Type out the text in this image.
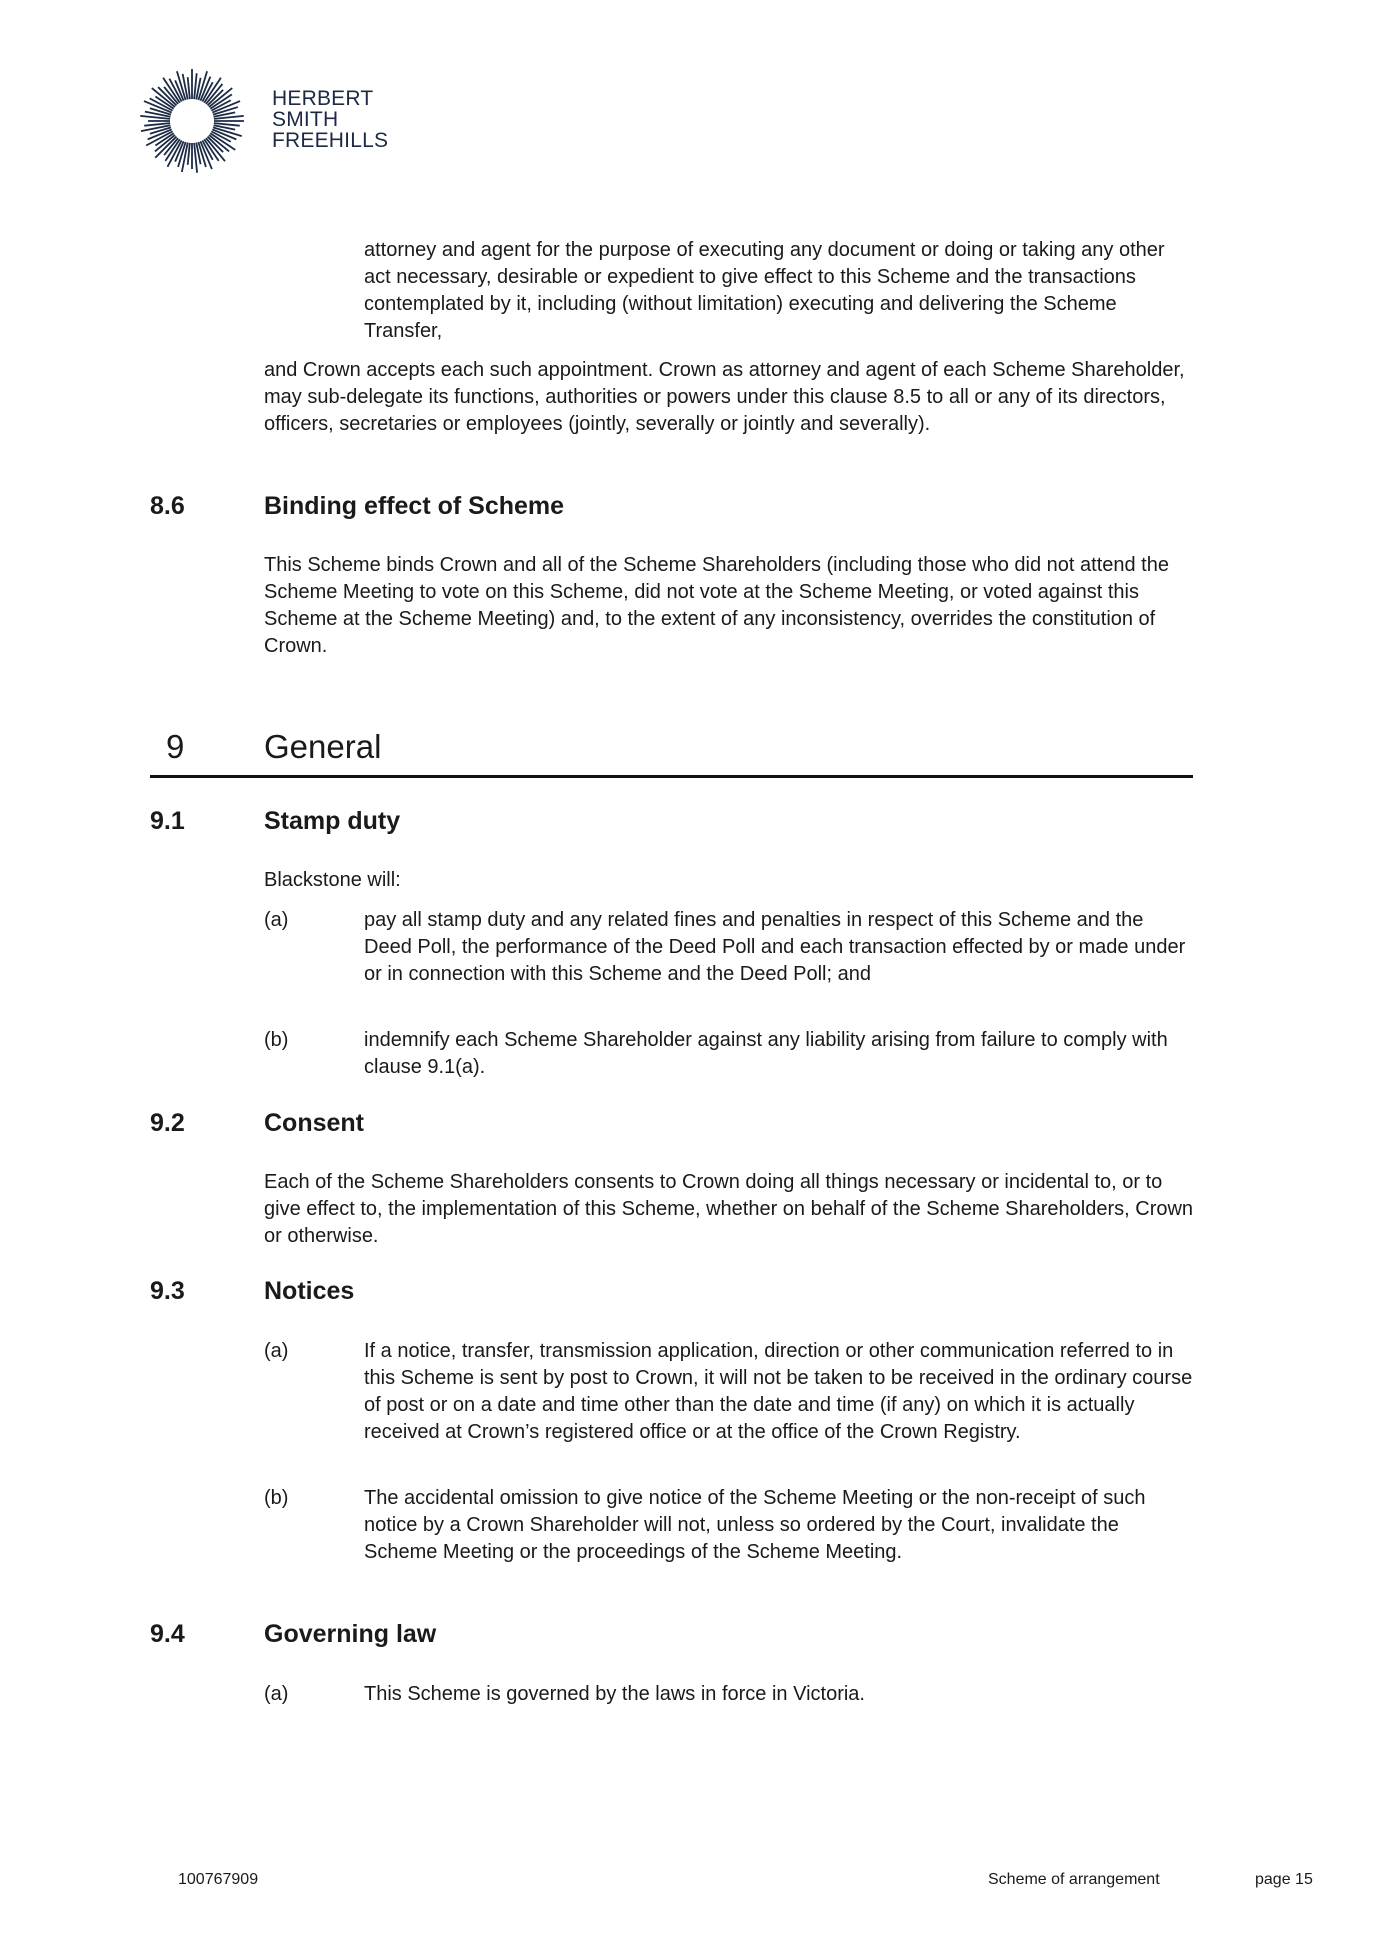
HERBERT
SMITH
FREEHILLS

attorney and agent for the purpose of executing any document or doing or taking any other act necessary, desirable or expedient to give effect to this Scheme and the transactions contemplated by it, including (without limitation) executing and delivering the Scheme Transfer,

and Crown accepts each such appointment. Crown as attorney and agent of each Scheme Shareholder, may sub-delegate its functions, authorities or powers under this clause 8.5 to all or any of its directors, officers, secretaries or employees (jointly, severally or jointly and severally).

8.6	Binding effect of Scheme

This Scheme binds Crown and all of the Scheme Shareholders (including those who did not attend the Scheme Meeting to vote on this Scheme, did not vote at the Scheme Meeting, or voted against this Scheme at the Scheme Meeting) and, to the extent of any inconsistency, overrides the constitution of Crown.

9 General
9.1	Stamp duty

Blackstone will:

(a)	pay all stamp duty and any related fines and penalties in respect of this Scheme and the Deed Poll, the performance of the Deed Poll and each transaction effected by or made under or in connection with this Scheme and the Deed Poll; and

(b)	indemnify each Scheme Shareholder against any liability arising from failure to comply with clause 9.1(a).

9.2	Consent

Each of the Scheme Shareholders consents to Crown doing all things necessary or incidental to, or to give effect to, the implementation of this Scheme, whether on behalf of the Scheme Shareholders, Crown or otherwise.

9.3	Notices
(a)	If a notice, transfer, transmission application, direction or other communication referred to in this Scheme is sent by post to Crown, it will not be taken to be received in the ordinary course of post or on a date and time other than the date and time (if any) on which it is actually received at Crown’s registered office or at the office of the Crown Registry.

(b)	The accidental omission to give notice of the Scheme Meeting or the non-receipt of such notice by a Crown Shareholder will not, unless so ordered by the Court, invalidate the Scheme Meeting or the proceedings of the Scheme Meeting.

9.4	Governing law
(a)	This Scheme is governed by the laws in force in Victoria.

100767909	Scheme of arrangement	page 15
